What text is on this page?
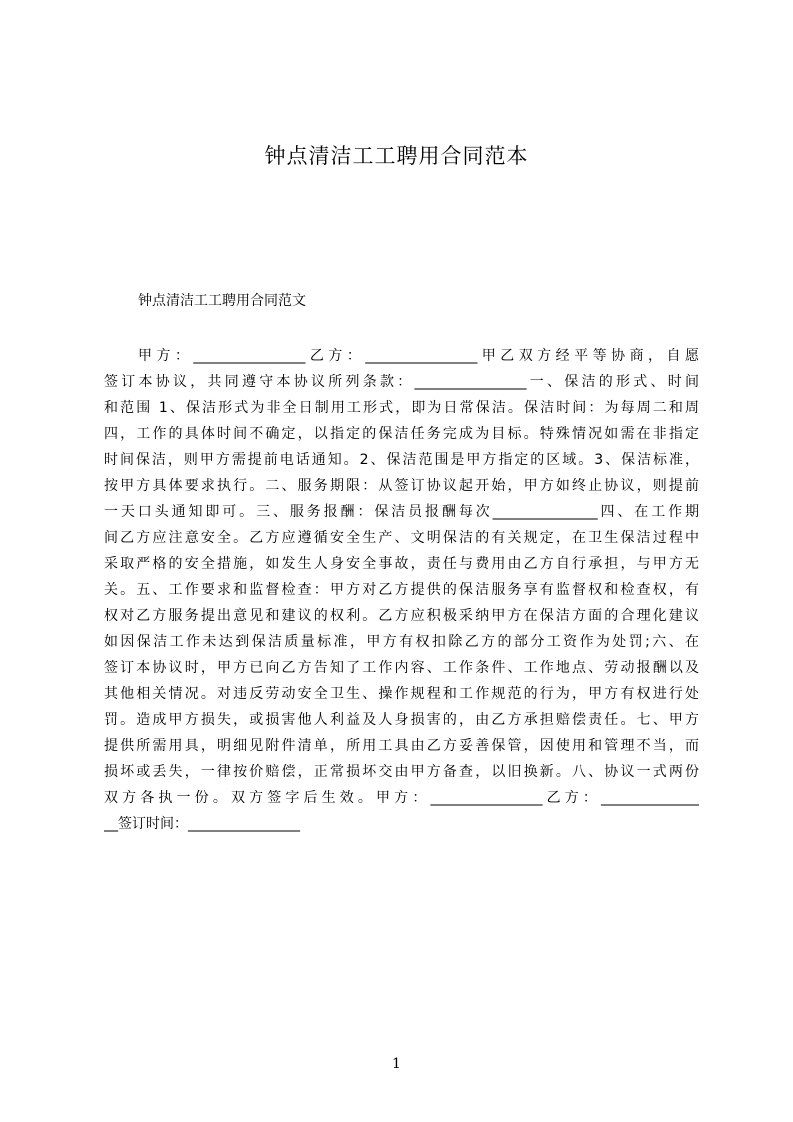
钟点清洁工工聘用合同范本
钟点清洁工工聘用合同范文
甲方：________________乙方：________________甲乙双方经平等协商，自愿
签订本协议，共同遵守本协议所列条款：________________一、保洁的形式、时间
和范围 1、保洁形式为非全日制用工形式，即为日常保洁。保洁时间：为每周二和周
四，工作的具体时间不确定，以指定的保洁任务完成为目标。特殊情况如需在非指定
时间保洁，则甲方需提前电话通知。2、保洁范围是甲方指定的区域。3、保洁标准，
按甲方具体要求执行。二、服务期限：从签订协议起开始，甲方如终止协议，则提前
一天口头通知即可。三、服务报酬：保洁员报酬每次_______________四、在工作期
间乙方应注意安全。乙方应遵循安全生产、文明保洁的有关规定，在卫生保洁过程中
采取严格的安全措施，如发生人身安全事故，责任与费用由乙方自行承担，与甲方无
关。五、工作要求和监督检查：甲方对乙方提供的保洁服务享有监督权和检查权，有
权对乙方服务提出意见和建议的权利。乙方应积极采纳甲方在保洁方面的合理化建议
如因保洁工作未达到保洁质量标准，甲方有权扣除乙方的部分工资作为处罚;六、在
签订本协议时，甲方已向乙方告知了工作内容、工作条件、工作地点、劳动报酬以及
其他相关情况。对违反劳动安全卫生、操作规程和工作规范的行为，甲方有权进行处
罚。造成甲方损失，或损害他人利益及人身损害的，由乙方承担赔偿责任。七、甲方
提供所需用具，明细见附件清单，所用工具由乙方妥善保管，因使用和管理不当，而
损坏或丢失，一律按价赔偿，正常损坏交由甲方备查，以旧换新。八、协议一式两份
双方各执一份。双方签字后生效。甲方：________________乙方：______________
__签订时间：________________
1
